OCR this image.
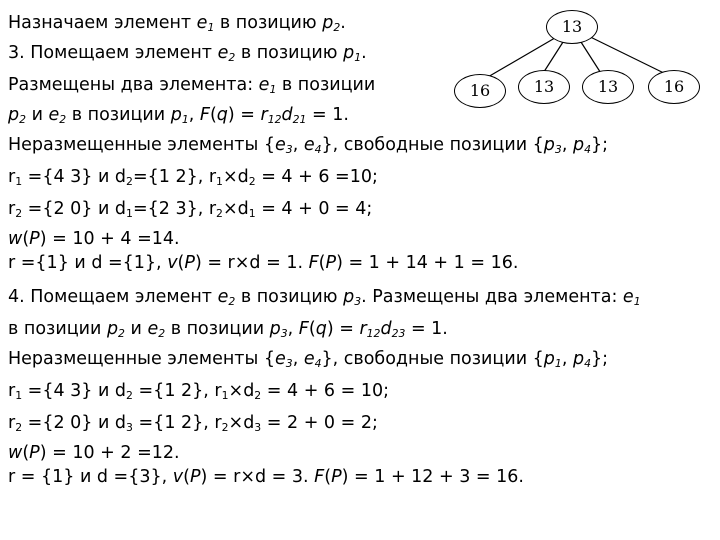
13
16	13	13	16
Назначаем элемент $e_1$ в позицию $p_2$.
3. Помещаем элемент $e_2$ в позицию $p_1$.
Размещены два элемента: $e_1$ в позиции
$p_2$ и $e_2$ в позиции $p_1$, $F(q) = r_{12}d_{21} = 1$.
Неразмещенные элементы {$e_3$, $e_4$}, свободные позиции {$p_3$, $p_4$};
$r_1 =\{4$ 3} и $d_2=\{1$ 2}, $r_1\times d_2 = 4 + 6 =10$;
$r_2 =\{2$ 0} и $d_1=\{2$ 3}, $r_2\times d_1 = 4 + 0 = 4$;
w(P) = 10 + 4 =14.
r ={1} и d ={1}, v(P) = r×d = 1. F(P) = 1 + 14 + 1 = 16.
4. Помещаем элемент $e_2$ в позицию $p_3$. Размещены два элемента: $e_1$
в позиции $p_2$ и $e_2$ в позиции $p_3$, $F(q) = r_{12}d_{23} = 1$.
Неразмещенные элементы {$e_3$, $e_4$}, свободные позиции {$p_1$, $p_4$};
$r_1 =\{4$ 3} и $d_2 =\{1$ 2}, $r_1\times d_2 = 4 + 6 = 10$;
$r_2 =\{2$ 0} и $d_3 =\{1$ 2}, $r_2\times d_3 = 2 + 0 = 2$;
w(P) = 10 + 2 =12.
r = {1} и d ={3}, v(P) = r×d = 3. F(P) = 1 + 12 + 3 = 16.
